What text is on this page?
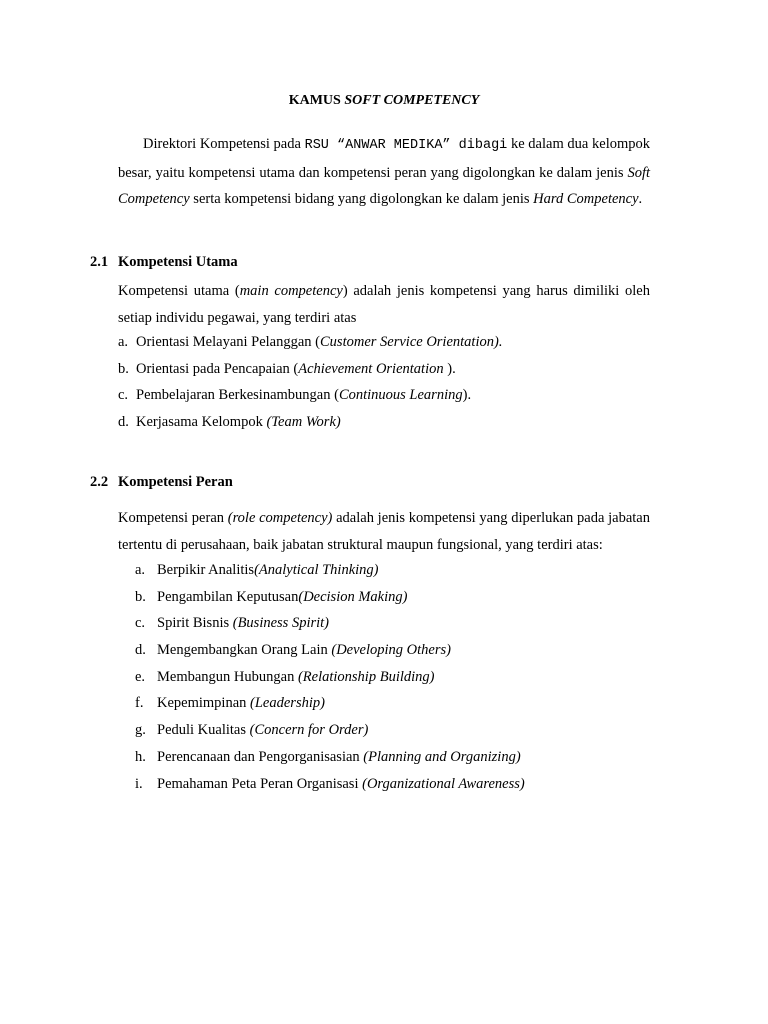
KAMUS SOFT COMPETENCY
Direktori Kompetensi pada RSU “ANWAR MEDIKA” dibagi ke dalam dua kelompok besar, yaitu kompetensi utama dan kompetensi peran yang digolongkan ke dalam jenis Soft Competency serta kompetensi bidang yang digolongkan ke dalam jenis Hard Competency.
2.1 Kompetensi Utama
Kompetensi utama (main competency) adalah jenis kompetensi yang harus dimiliki oleh setiap individu pegawai, yang terdiri atas
a. Orientasi Melayani Pelanggan (Customer Service Orientation).
b. Orientasi pada Pencapaian (Achievement Orientation ).
c. Pembelajaran Berkesinambungan (Continuous Learning).
d. Kerjasama Kelompok (Team Work)
2.2 Kompetensi Peran
Kompetensi peran (role competency) adalah jenis kompetensi yang diperlukan pada jabatan tertentu di perusahaan, baik jabatan struktural maupun fungsional, yang terdiri atas:
a. Berpikir Analitis(Analytical Thinking)
b. Pengambilan Keputusan(Decision Making)
c. Spirit Bisnis (Business Spirit)
d. Mengembangkan Orang Lain (Developing Others)
e. Membangun Hubungan (Relationship Building)
f. Kepemimpinan (Leadership)
g. Peduli Kualitas (Concern for Order)
h. Perencanaan dan Pengorganisasian (Planning and Organizing)
i. Pemahaman Peta Peran Organisasi (Organizational Awareness)
